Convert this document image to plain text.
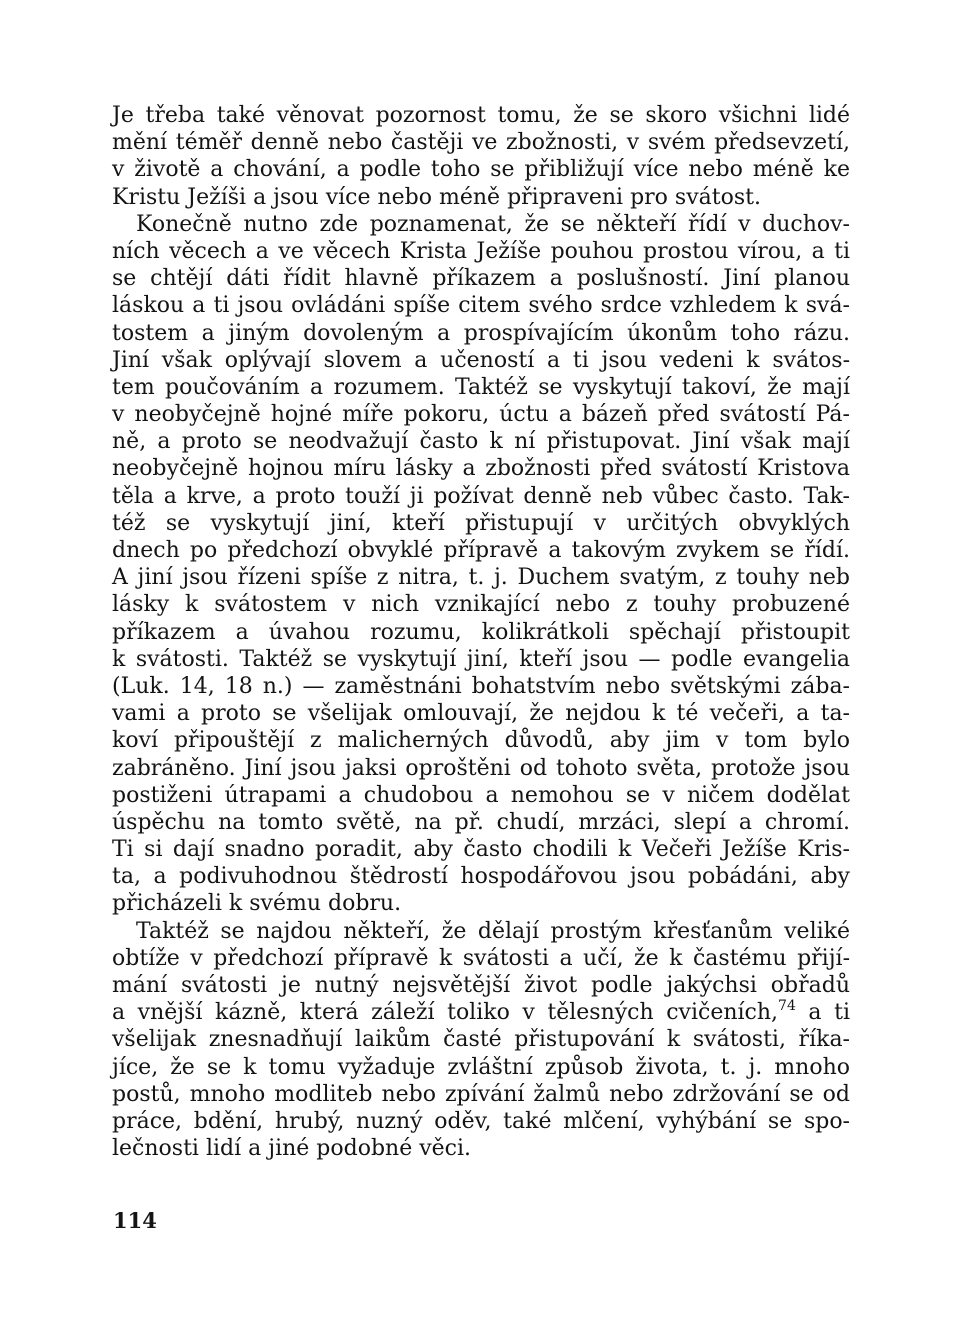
Je třeba také věnovat pozornost tomu, že se skoro všichni lidé
mění téměř denně nebo častěji ve zbožnosti, v svém předsevzetí,
v životě a chování, a podle toho se přibližují více nebo méně ke
Kristu Ježíši a jsou více nebo méně připraveni pro svátost.
Konečně nutno zde poznamenat, že se někteří řídí v duchov-
ních věcech a ve věcech Krista Ježíše pouhou prostou vírou, a ti
se chtějí dáti řídit hlavně příkazem a poslušností. Jiní planou
láskou a ti jsou ovládáni spíše citem svého srdce vzhledem k svá-
tostem a jiným dovoleným a prospívajícím úkonům toho rázu.
Jiní však oplývají slovem a učeností a ti jsou vedeni k svátos-
tem poučováním a rozumem. Taktéž se vyskytují takoví, že mají
v neobyčejně hojné míře pokoru, úctu a bázeň před svátostí Pá-
ně, a proto se neodvažují často k ní přistupovat. Jiní však mají
neobyčejně hojnou míru lásky a zbožnosti před svátostí Kristova
těla a krve, a proto touží ji požívat denně neb vůbec často. Tak-
též se vyskytují jiní, kteří přistupují v určitých obvyklých
dnech po předchozí obvyklé přípravě a takovým zvykem se řídí.
A jiní jsou řízeni spíše z nitra, t. j. Duchem svatým, z touhy neb
lásky k svátostem v nich vznikající nebo z touhy probuzené
příkazem a úvahou rozumu, kolikrátkoli spěchají přistoupit
k svátosti. Taktéž se vyskytují jiní, kteří jsou — podle evangelia
(Luk. 14, 18 n.) — zaměstnáni bohatstvím nebo světskými zába-
vami a proto se všelijak omlouvají, že nejdou k té večeři, a ta-
koví připouštějí z malicherných důvodů, aby jim v tom bylo
zabráněno. Jiní jsou jaksi oproštěni od tohoto světa, protože jsou
postiženi útrapami a chudobou a nemohou se v ničem dodělat
úspěchu na tomto světě, na př. chudí, mrzáci, slepí a chromí.
Ti si dají snadno poradit, aby často chodili k Večeři Ježíše Kris-
ta, a podivuhodnou štědrostí hospodářovou jsou pobádáni, aby
přicházeli k svému dobru.
Taktéž se najdou někteří, že dělají prostým křesťanům veliké
obtíže v předchozí přípravě k svátosti a učí, že k častému přijí-
mání svátosti je nutný nejsvětější život podle jakýchsi obřadů
a vnější kázně, která záleží toliko v tělesných cvičeních,$^{74}$ a ti
všelijak znesnadňují laikům časté přistupování k svátosti, říka-
jíce, že se k tomu vyžaduje zvláštní způsob života, t. j. mnoho
postů, mnoho modliteb nebo zpívání žalmů nebo zdržování se od
práce, bdění, hrubý, nuzný oděv, také mlčení, vyhýbání se spo-
lečnosti lidí a jiné podobné věci.
114
